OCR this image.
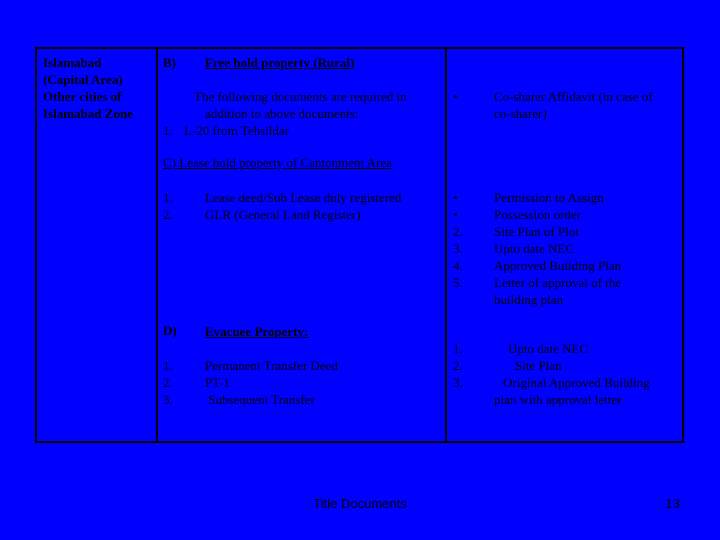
Islamabad
(Capital Area)
Other cities of
Islamabad Zone
B) Free hold property (Rural)
The following documents are required in
addition to above documents:
1. L-20 from Tehsildar
•	Co-sharer Affidavit (in case of
co-sharer)
C) Lease hold property of Cantonment Area
1.
2.
Lease deed/Sub Lease duly registered
GLR (General Land Register)
•
•
2.
3.
4.
5.
Permission to Assign
Possession order
Site Plan of Plot
Upto date NEC
Approved Building Plan
Letter of approval of the
building plan
D) Evacuee Property:
1.
2.
3.
Permanent Transfer Deed
PT-1
Subsequent Transfer
1.
2.
3.
Upto date NEC
Site Plan
Original Approved Building
plan with approval letter
Title Documents	13
